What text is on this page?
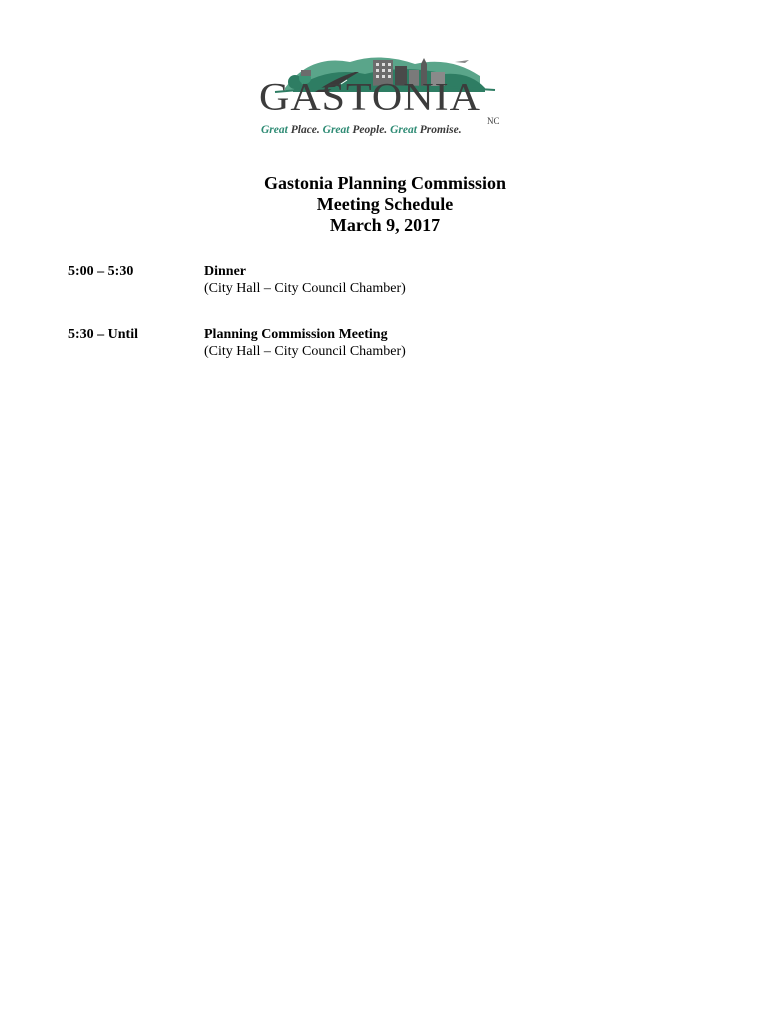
GASTONIA
NC
Great Place. Great People. Great Promise.
Gastonia Planning Commission
Meeting Schedule
March 9, 2017
5:00 – 5:30	Dinner
(City Hall – City Council Chamber)
5:30 – Until	Planning Commission Meeting
(City Hall – City Council Chamber)
